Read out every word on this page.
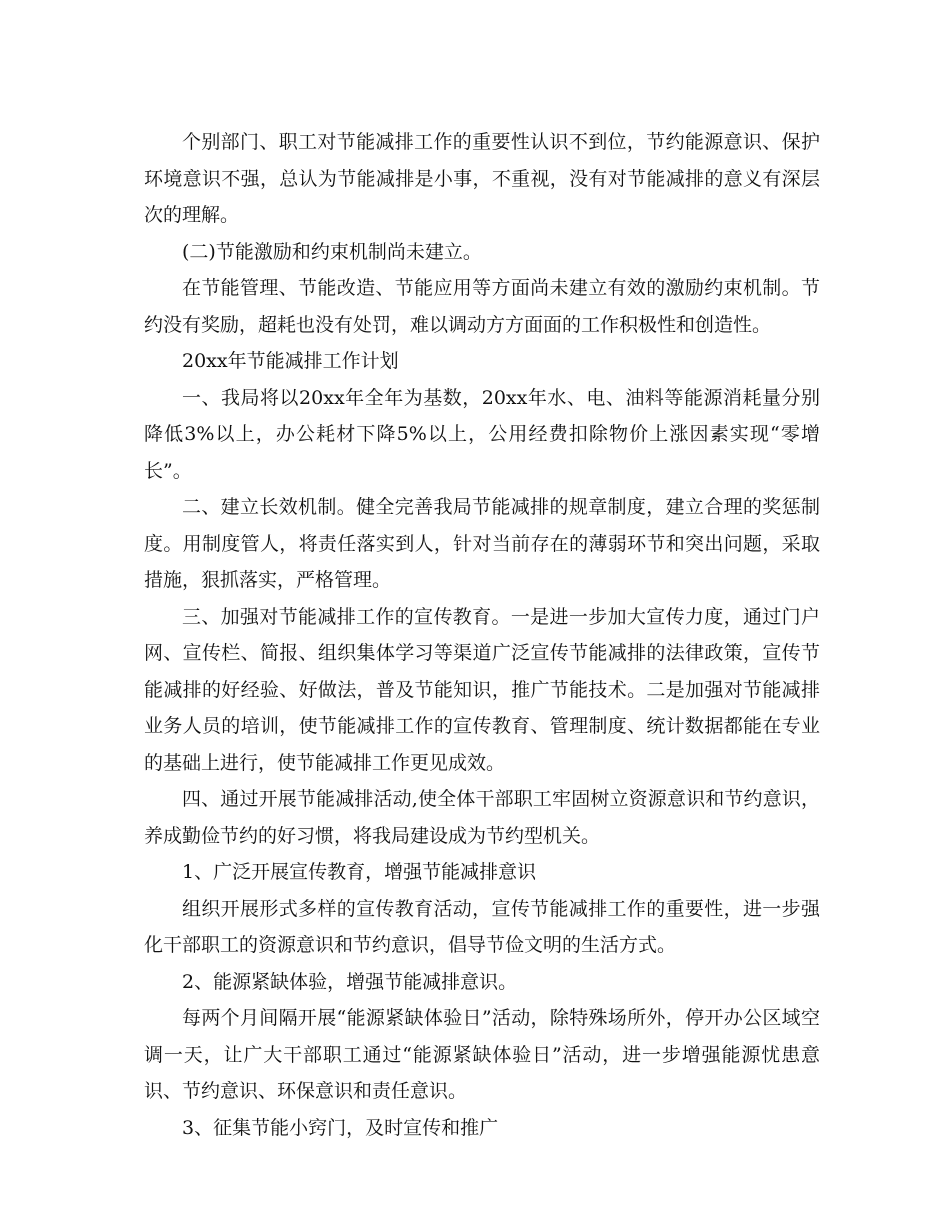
个别部门、职工对节能减排工作的重要性认识不到位，节约能源意识、保护环境意识不强，总认为节能减排是小事，不重视，没有对节能减排的意义有深层次的理解。

(二)节能激励和约束机制尚未建立。

在节能管理、节能改造、节能应用等方面尚未建立有效的激励约束机制。节约没有奖励，超耗也没有处罚，难以调动方方面面的工作积极性和创造性。

20xx年节能减排工作计划

一、我局将以20xx年全年为基数，20xx年水、电、油料等能源消耗量分别降低3%以上，办公耗材下降5%以上，公用经费扣除物价上涨因素实现“零增长”。

二、建立长效机制。健全完善我局节能减排的规章制度，建立合理的奖惩制度。用制度管人，将责任落实到人，针对当前存在的薄弱环节和突出问题，采取措施，狠抓落实，严格管理。

三、加强对节能减排工作的宣传教育。一是进一步加大宣传力度，通过门户网、宣传栏、简报、组织集体学习等渠道广泛宣传节能减排的法律政策，宣传节能减排的好经验、好做法，普及节能知识，推广节能技术。二是加强对节能减排业务人员的培训，使节能减排工作的宣传教育、管理制度、统计数据都能在专业的基础上进行，使节能减排工作更见成效。

四、通过开展节能减排活动,使全体干部职工牢固树立资源意识和节约意识，养成勤俭节约的好习惯，将我局建设成为节约型机关。

1、广泛开展宣传教育，增强节能减排意识

组织开展形式多样的宣传教育活动，宣传节能减排工作的重要性，进一步强化干部职工的资源意识和节约意识，倡导节俭文明的生活方式。

2、能源紧缺体验，增强节能减排意识。

每两个月间隔开展“能源紧缺体验日”活动，除特殊场所外，停开办公区域空调一天，让广大干部职工通过“能源紧缺体验日”活动，进一步增强能源忧患意识、节约意识、环保意识和责任意识。

3、征集节能小窍门，及时宣传和推广
